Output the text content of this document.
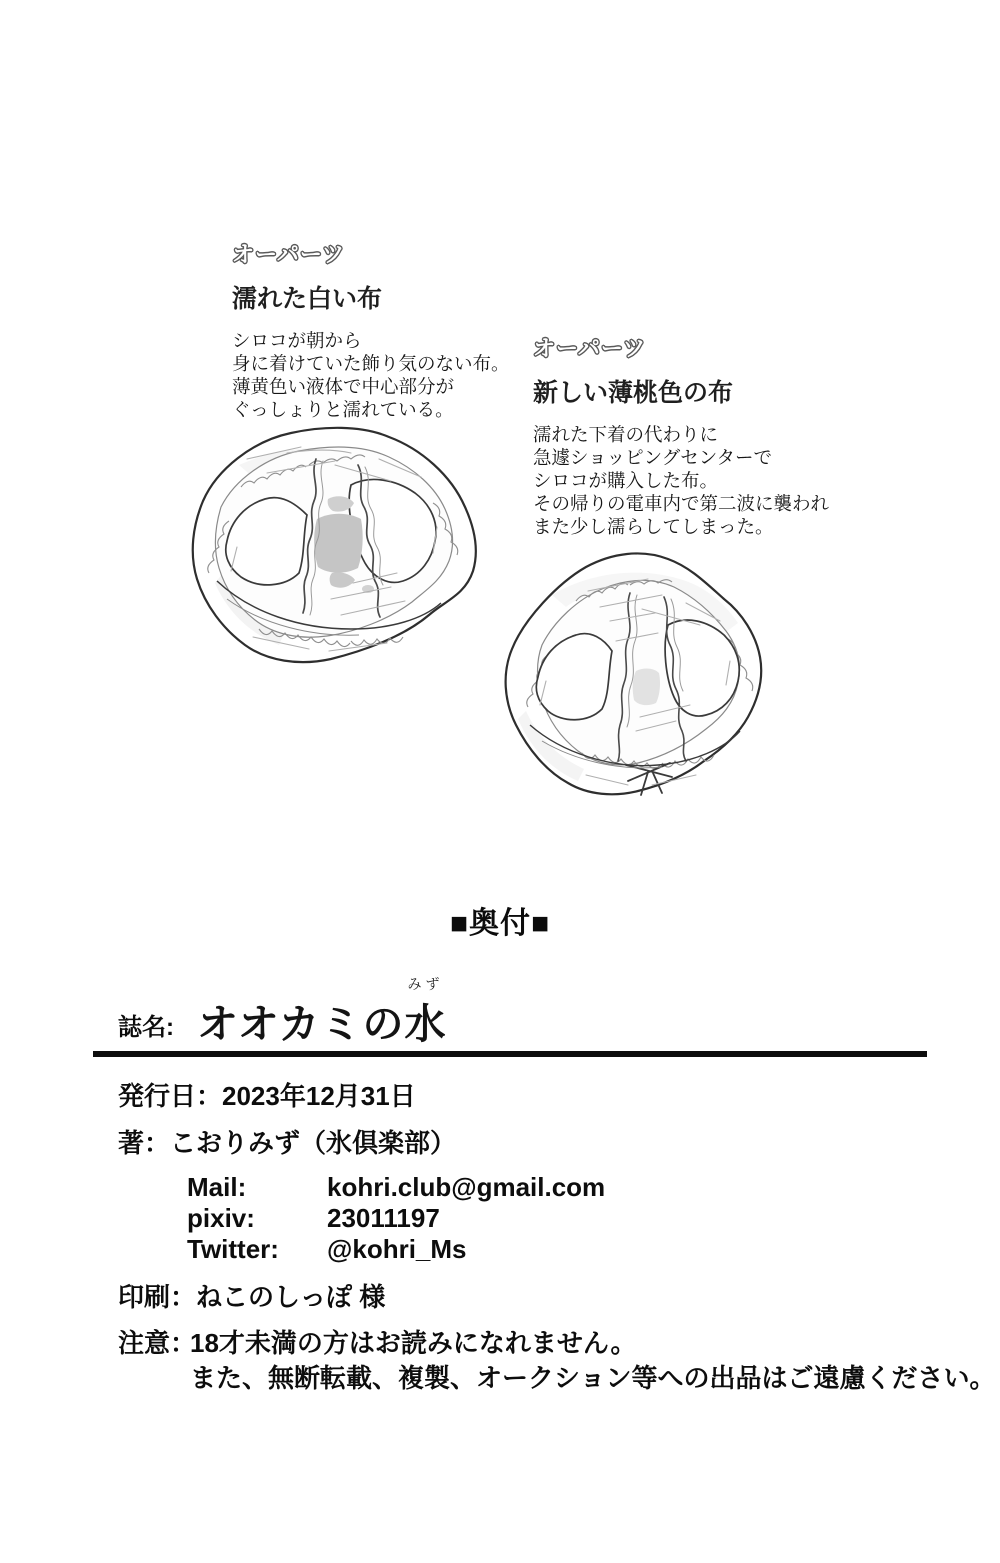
オーパーツ
濡れた白い布
シロコが朝から
身に着けていた飾り気のない布。
薄黄色い液体で中心部分が
ぐっしょりと濡れている。
オーパーツ
新しい薄桃色の布
濡れた下着の代わりに
急遽ショッピングセンターで
シロコが購入した布。
その帰りの電車内で第二波に襲われ
また少し濡らしてしまった。
■奥付■
誌名: オオカミの
みず
水
発行日：2023年12月31日
著：こおりみず（氷倶楽部）
Mail:	kohri.club@gmail.com
pixiv:	23011197
Twitter: @kohri_Ms
印刷：ねこのしっぽ 様
注意：18才未満の方はお読みになれません。
また、無断転載、複製、オークション等への出品はご遠慮ください。
